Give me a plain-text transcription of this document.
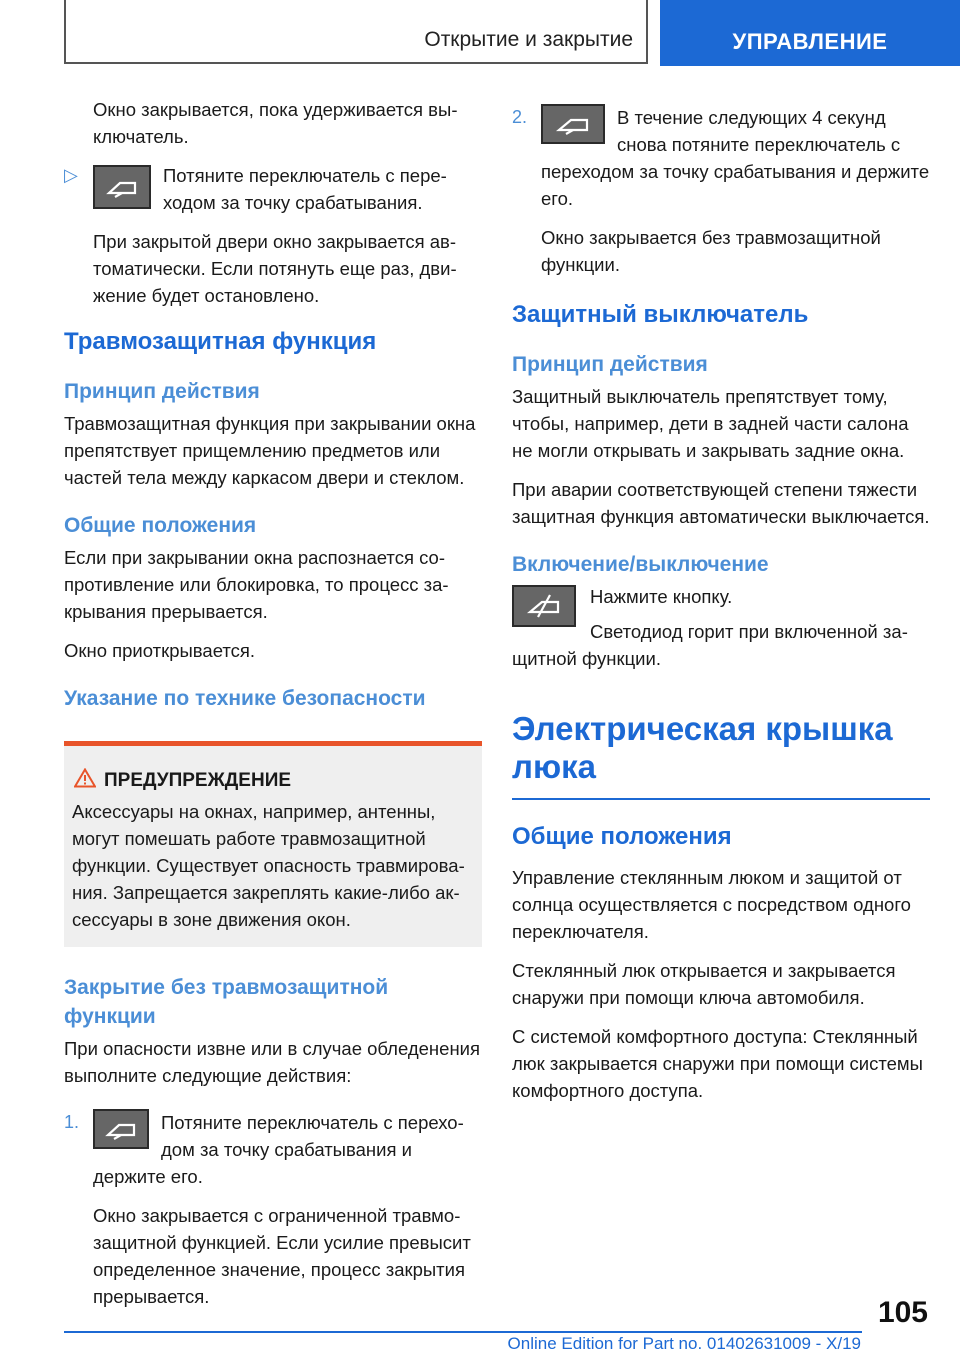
Открытие и закрытие	УПРАВЛЕНИЕ

Окно закрывается, пока удерживается выключатель.

▷	Потяните переключатель с переходом за точку срабатывания.

При закрытой двери окно закрывается автоматически. Если потянуть еще раз, движение будет остановлено.

Травмозащитная функция
Принцип действия

Травмозащитная функция при закрывании окна препятствует прищемлению предметов или частей тела между каркасом двери и стеклом.

Общие положения

Если при закрывании окна распознается сопротивление или блокировка, то процесс закрывания прерывается.

Окно приоткрывается.

Указание по технике безопасности
ПРЕДУПРЕЖДЕНИЕ

Аксессуары на окнах, например, антенны, могут помешать работе травмозащитной функции. Существует опасность травмирования. Запрещается закреплять какие-либо аксессуары в зоне движения окон.

Закрытие без травмозащитной функции

При опасности извне или в случае обледенения выполните следующие действия:

1.	Потяните переключатель с переходом за точку срабатывания и держите его.

Окно закрывается с ограниченной травмозащитной функцией. Если усилие превысит определенное значение, процесс закрытия прерывается.

2.	В течение следующих 4 секунд снова потяните переключатель с переходом за точку срабатывания и держите его.

Окно закрывается без травмозащитной функции.

Защитный выключатель
Принцип действия

Защитный выключатель препятствует тому, чтобы, например, дети в задней части салона не могли открывать и закрывать задние окна.

При аварии соответствующей степени тяжести защитная функция автоматически выключается.

Включение/выключение

Нажмите кнопку.

Светодиод горит при включенной защитной функции.

Электрическая крышка люка
Общие положения

Управление стеклянным люком и защитой от солнца осуществляется с посредством одного переключателя.

Стеклянный люк открывается и закрывается снаружи при помощи ключа автомобиля.

С системой комфортного доступа: Стеклянный люк закрывается снаружи при помощи системы комфортного доступа.

105
Online Edition for Part no. 01402631009 - X/19
